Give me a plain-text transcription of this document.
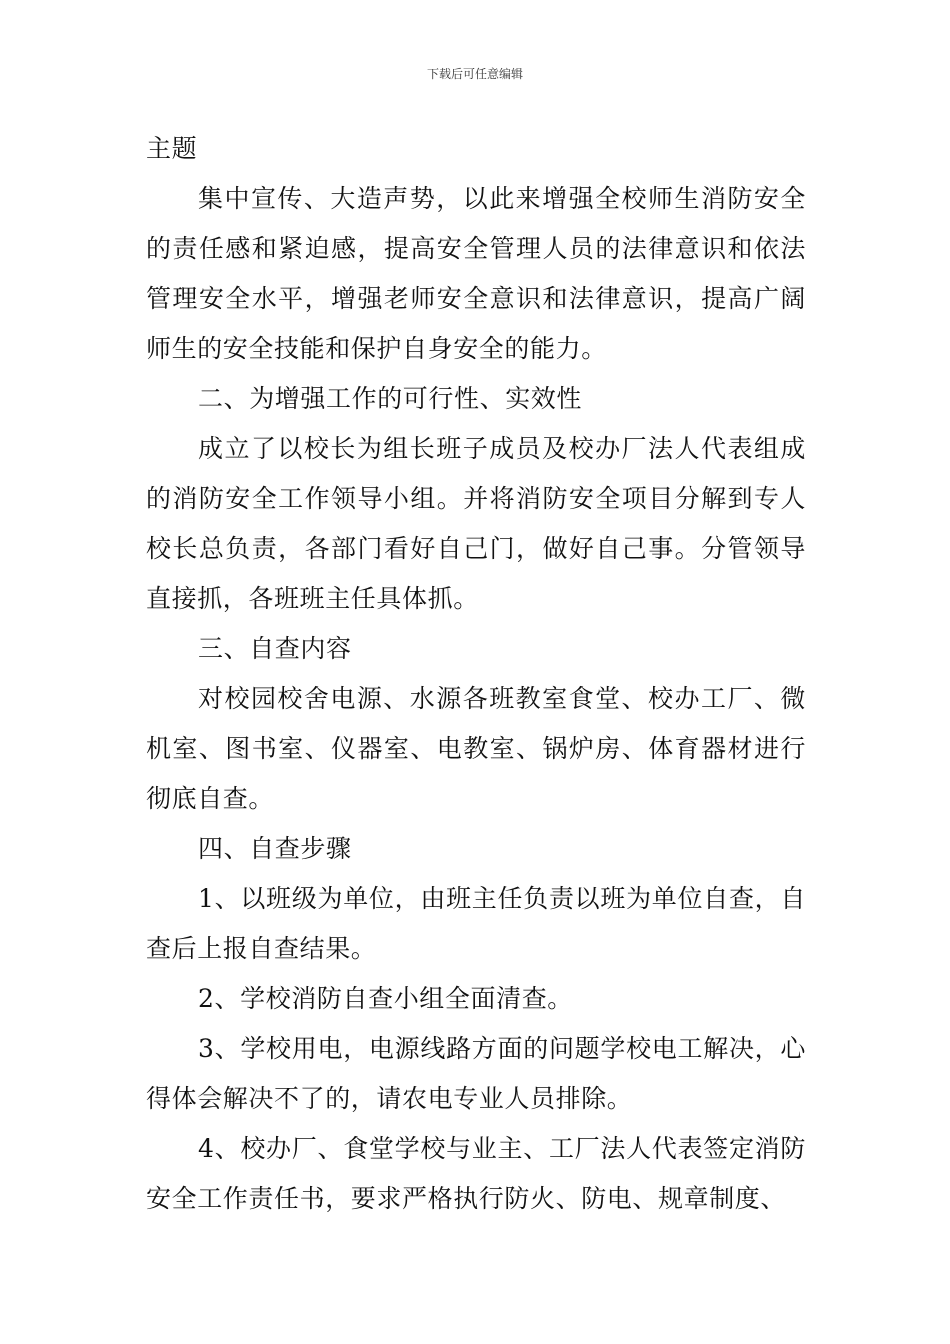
下载后可任意编辑

主题

集中宣传、大造声势，以此来增强全校师生消防安全的责任感和紧迫感，提高安全管理人员的法律意识和依法管理安全水平，增强老师安全意识和法律意识，提高广阔师生的安全技能和保护自身安全的能力。

二、为增强工作的可行性、实效性

成立了以校长为组长班子成员及校办厂法人代表组成的消防安全工作领导小组。并将消防安全项目分解到专人校长总负责，各部门看好自己门，做好自己事。分管领导直接抓，各班班主任具体抓。

三、自查内容

对校园校舍电源、水源各班教室食堂、校办工厂、微机室、图书室、仪器室、电教室、锅炉房、体育器材进行彻底自查。

四、自查步骤

1、以班级为单位，由班主任负责以班为单位自查，自查后上报自查结果。

2、学校消防自查小组全面清查。

3、学校用电，电源线路方面的问题学校电工解决，心得体会解决不了的，请农电专业人员排除。

4、校办厂、食堂学校与业主、工厂法人代表签定消防安全工作责任书，要求严格执行防火、防电、规章制度、
